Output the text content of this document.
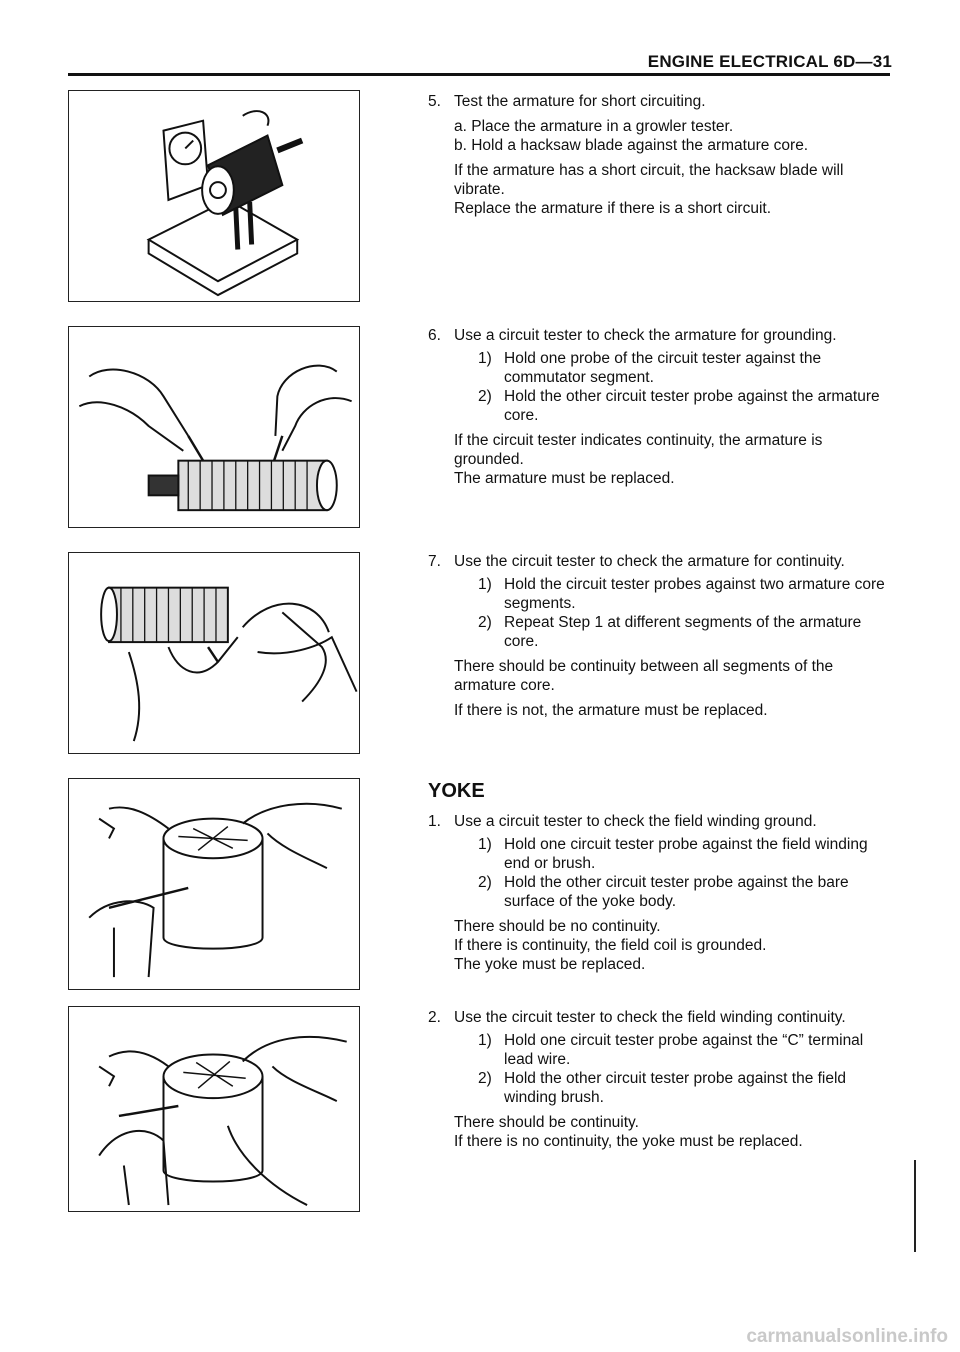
ENGINE ELECTRICAL 6D—31
5. Test the armature for short circuiting.
a. Place the armature in a growler tester.
b. Hold a hacksaw blade against the armature core.
If the armature has a short circuit, the hacksaw blade will vibrate.
Replace the armature if there is a short circuit.
6. Use a circuit tester to check the armature for grounding.
1) Hold one probe of the circuit tester against the commutator segment.
2) Hold the other circuit tester probe against the armature core.
If the circuit tester indicates continuity, the armature is grounded.
The armature must be replaced.
7. Use the circuit tester to check the armature for continuity.
1) Hold the circuit tester probes against two armature core segments.
2) Repeat Step 1 at different segments of the armature core.
There should be continuity between all segments of the armature core.
If there is not, the armature must be replaced.
YOKE
1. Use a circuit tester to check the field winding ground.
1) Hold one circuit tester probe against the field winding end or brush.
2) Hold the other circuit tester probe against the bare surface of the yoke body.
There should be no continuity.
If there is continuity, the field coil is grounded.
The yoke must be replaced.
2. Use the circuit tester to check the field winding continuity.
1) Hold one circuit tester probe against the “C” terminal lead wire.
2) Hold the other circuit tester probe against the field winding brush.
There should be continuity.
If there is no continuity, the yoke must be replaced.
carmanualsonline.info
